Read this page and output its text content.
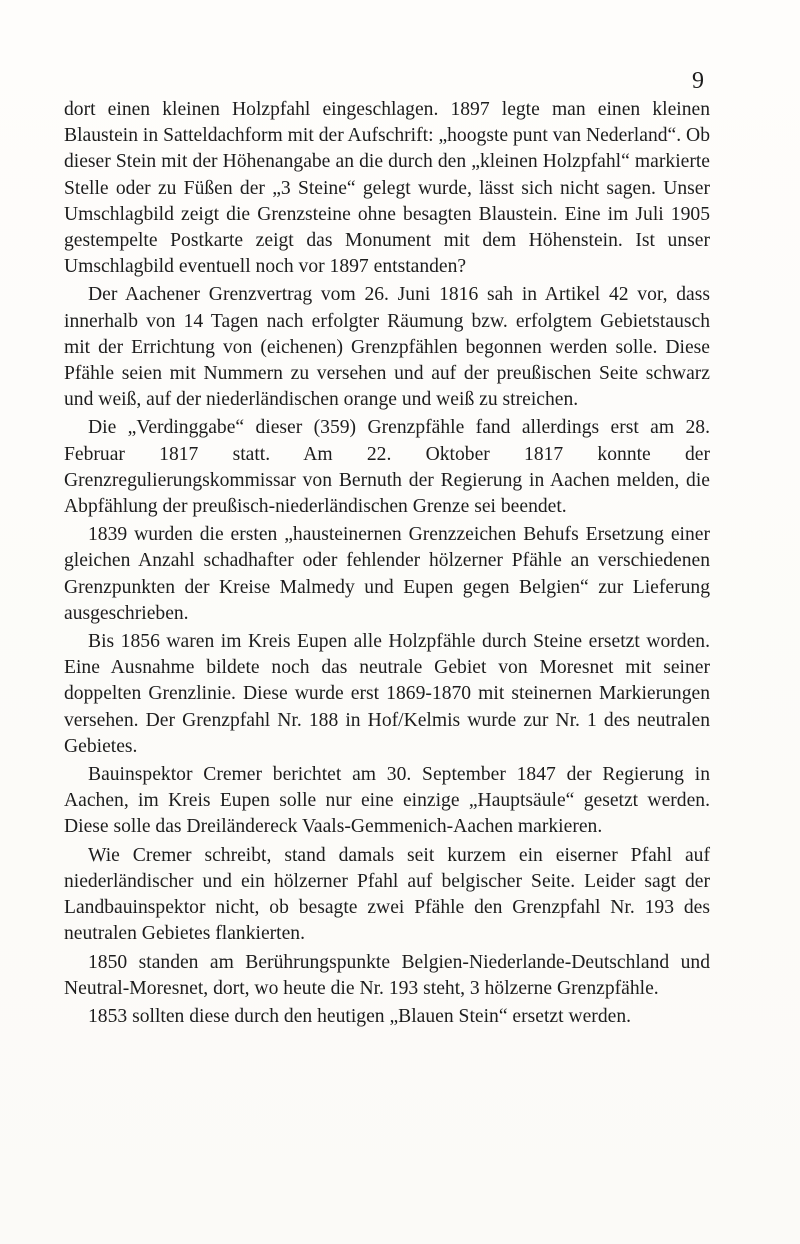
9

dort einen kleinen Holzpfahl eingeschlagen. 1897 legte man einen kleinen Blaustein in Satteldachform mit der Aufschrift: „hoogste punt van Nederland“. Ob dieser Stein mit der Höhenangabe an die durch den „kleinen Holzpfahl“ markierte Stelle oder zu Füßen der „3 Steine“ gelegt wurde, lässt sich nicht sagen. Unser Umschlagbild zeigt die Grenzsteine ohne besagten Blaustein. Eine im Juli 1905 gestempelte Postkarte zeigt das Monument mit dem Höhenstein. Ist unser Umschlagbild eventuell noch vor 1897 entstanden?

Der Aachener Grenzvertrag vom 26. Juni 1816 sah in Artikel 42 vor, dass innerhalb von 14 Tagen nach erfolgter Räumung bzw. erfolgtem Gebietstausch mit der Errichtung von (eichenen) Grenzpfählen begonnen werden solle. Diese Pfähle seien mit Nummern zu versehen und auf der preußischen Seite schwarz und weiß, auf der niederländischen orange und weiß zu streichen.

Die „Verdinggabe“ dieser (359) Grenzpfähle fand allerdings erst am 28. Februar 1817 statt. Am 22. Oktober 1817 konnte der Grenzregulierungskommissar von Bernuth der Regierung in Aachen melden, die Abpfählung der preußisch-niederländischen Grenze sei beendet.

1839 wurden die ersten „hausteinernen Grenzzeichen Behufs Ersetzung einer gleichen Anzahl schadhafter oder fehlender hölzerner Pfähle an verschiedenen Grenzpunkten der Kreise Malmedy und Eupen gegen Belgien“ zur Lieferung ausgeschrieben.

Bis 1856 waren im Kreis Eupen alle Holzpfähle durch Steine ersetzt worden. Eine Ausnahme bildete noch das neutrale Gebiet von Moresnet mit seiner doppelten Grenzlinie. Diese wurde erst 1869-1870 mit steinernen Markierungen versehen. Der Grenzpfahl Nr. 188 in Hof/Kelmis wurde zur Nr. 1 des neutralen Gebietes.

Bauinspektor Cremer berichtet am 30. September 1847 der Regierung in Aachen, im Kreis Eupen solle nur eine einzige „Hauptsäule“ gesetzt werden. Diese solle das Dreiländereck Vaals-Gemmenich-Aachen markieren.

Wie Cremer schreibt, stand damals seit kurzem ein eiserner Pfahl auf niederländischer und ein hölzerner Pfahl auf belgischer Seite. Leider sagt der Landbauinspektor nicht, ob besagte zwei Pfähle den Grenzpfahl Nr. 193 des neutralen Gebietes flankierten.

1850 standen am Berührungspunkte Belgien-Niederlande-Deutschland und Neutral-Moresnet, dort, wo heute die Nr. 193 steht, 3 hölzerne Grenzpfähle.

1853 sollten diese durch den heutigen „Blauen Stein“ ersetzt werden.
